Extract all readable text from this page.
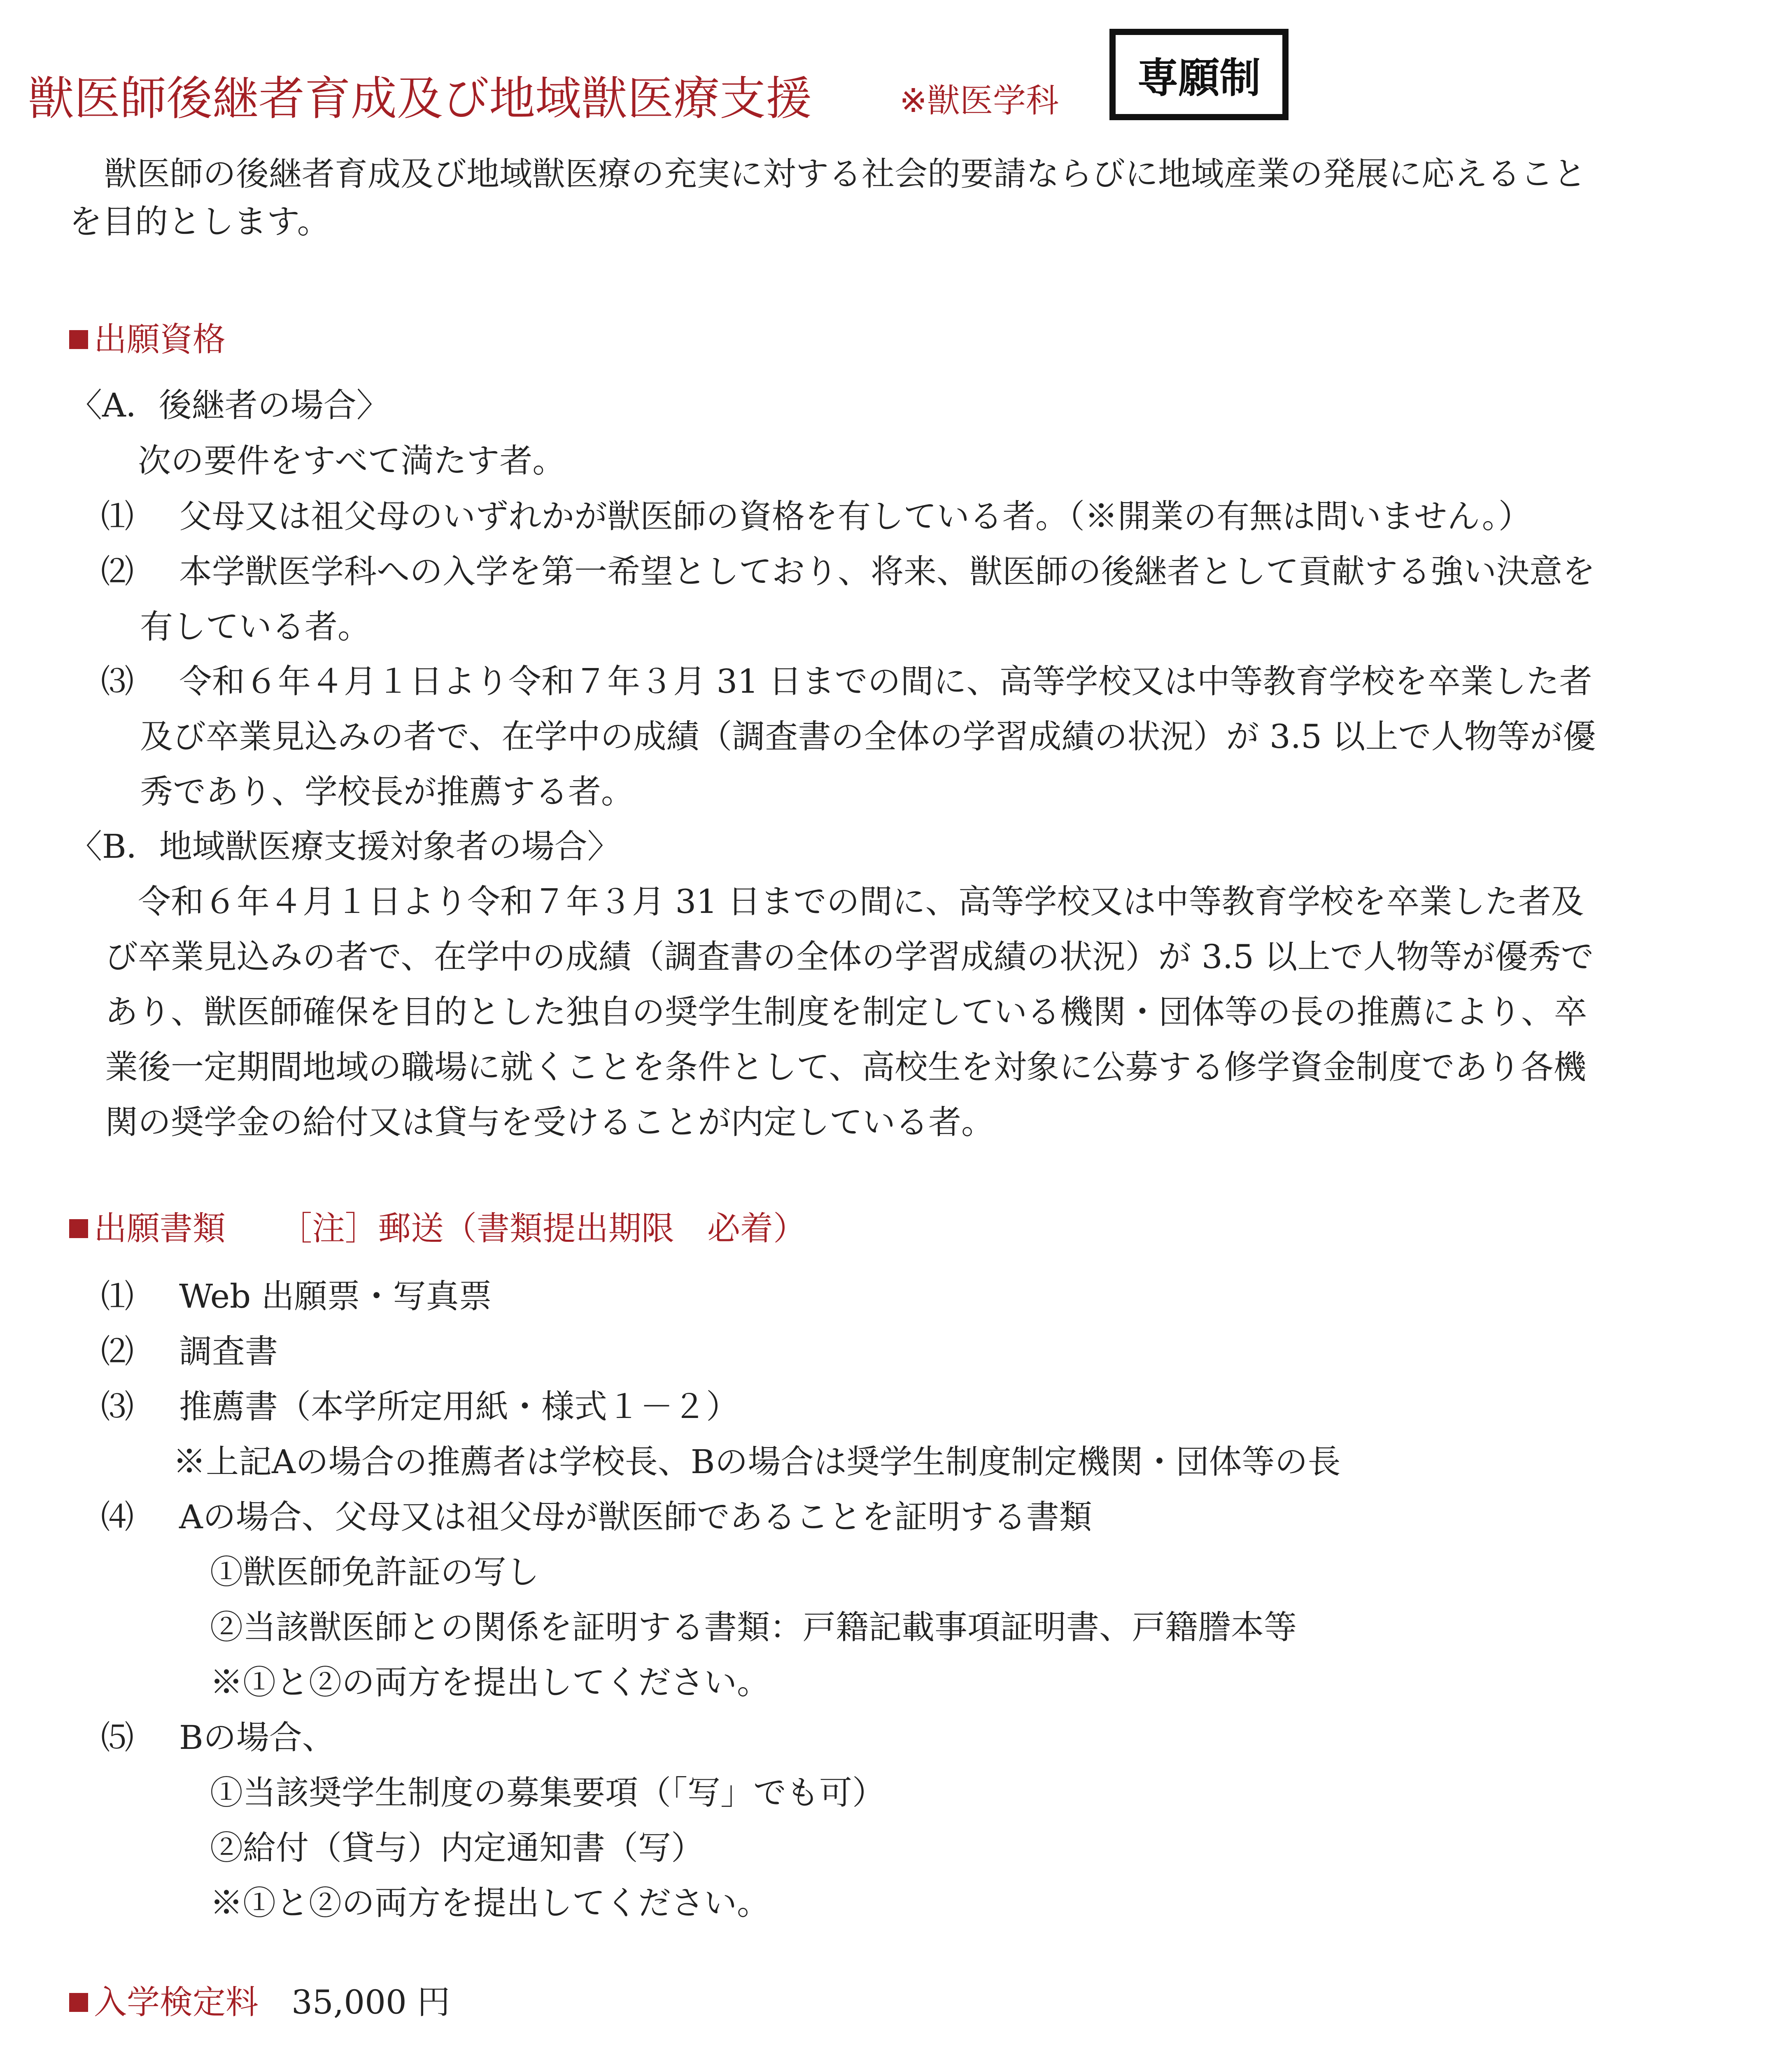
獣医師後継者育成及び地域獣医療支援	※獣医学科	専願制
獣医師の後継者育成及び地域獣医療の充実に対する社会的要請ならびに地域産業の発展に応えること
を目的とします。
出願資格
〈A．後継者の場合〉
次の要件をすべて満たす者。
⑴ 父母又は祖父母のいずれかが獣医師の資格を有している者。（※開業の有無は問いません。）
⑵ 本学獣医学科への入学を第一希望としており、将来、獣医師の後継者として貢献する強い決意を
有している者。
⑶ 令和６年４月１日より令和７年３月 31 日までの間に、高等学校又は中等教育学校を卒業した者
及び卒業見込みの者で、在学中の成績（調査書の全体の学習成績の状況）が 3.5 以上で人物等が優
秀であり、学校長が推薦する者。
〈B．地域獣医療支援対象者の場合〉
令和６年４月１日より令和７年３月 31 日までの間に、高等学校又は中等教育学校を卒業した者及
び卒業見込みの者で、在学中の成績（調査書の全体の学習成績の状況）が 3.5 以上で人物等が優秀で
あり、獣医師確保を目的とした独自の奨学生制度を制定している機関・団体等の長の推薦により、卒
業後一定期間地域の職場に就くことを条件として、高校生を対象に公募する修学資金制度であり各機
関の奨学金の給付又は貸与を受けることが内定している者。
出願書類 ［注］郵送（書類提出期限　必着）
⑴ Web 出願票・写真票
⑵ 調査書
⑶ 推薦書（本学所定用紙・様式１－２）
※上記Aの場合の推薦者は学校長、Bの場合は奨学生制度制定機関・団体等の長
⑷ Aの場合、父母又は祖父母が獣医師であることを証明する書類
①獣医師免許証の写し
②当該獣医師との関係を証明する書類：戸籍記載事項証明書、戸籍謄本等
※①と②の両方を提出してください。
⑸ Bの場合、
①当該奨学生制度の募集要項（「写」でも可）
②給付（貸与）内定通知書（写）
※①と②の両方を提出してください。
入学検定料 35,000 円
